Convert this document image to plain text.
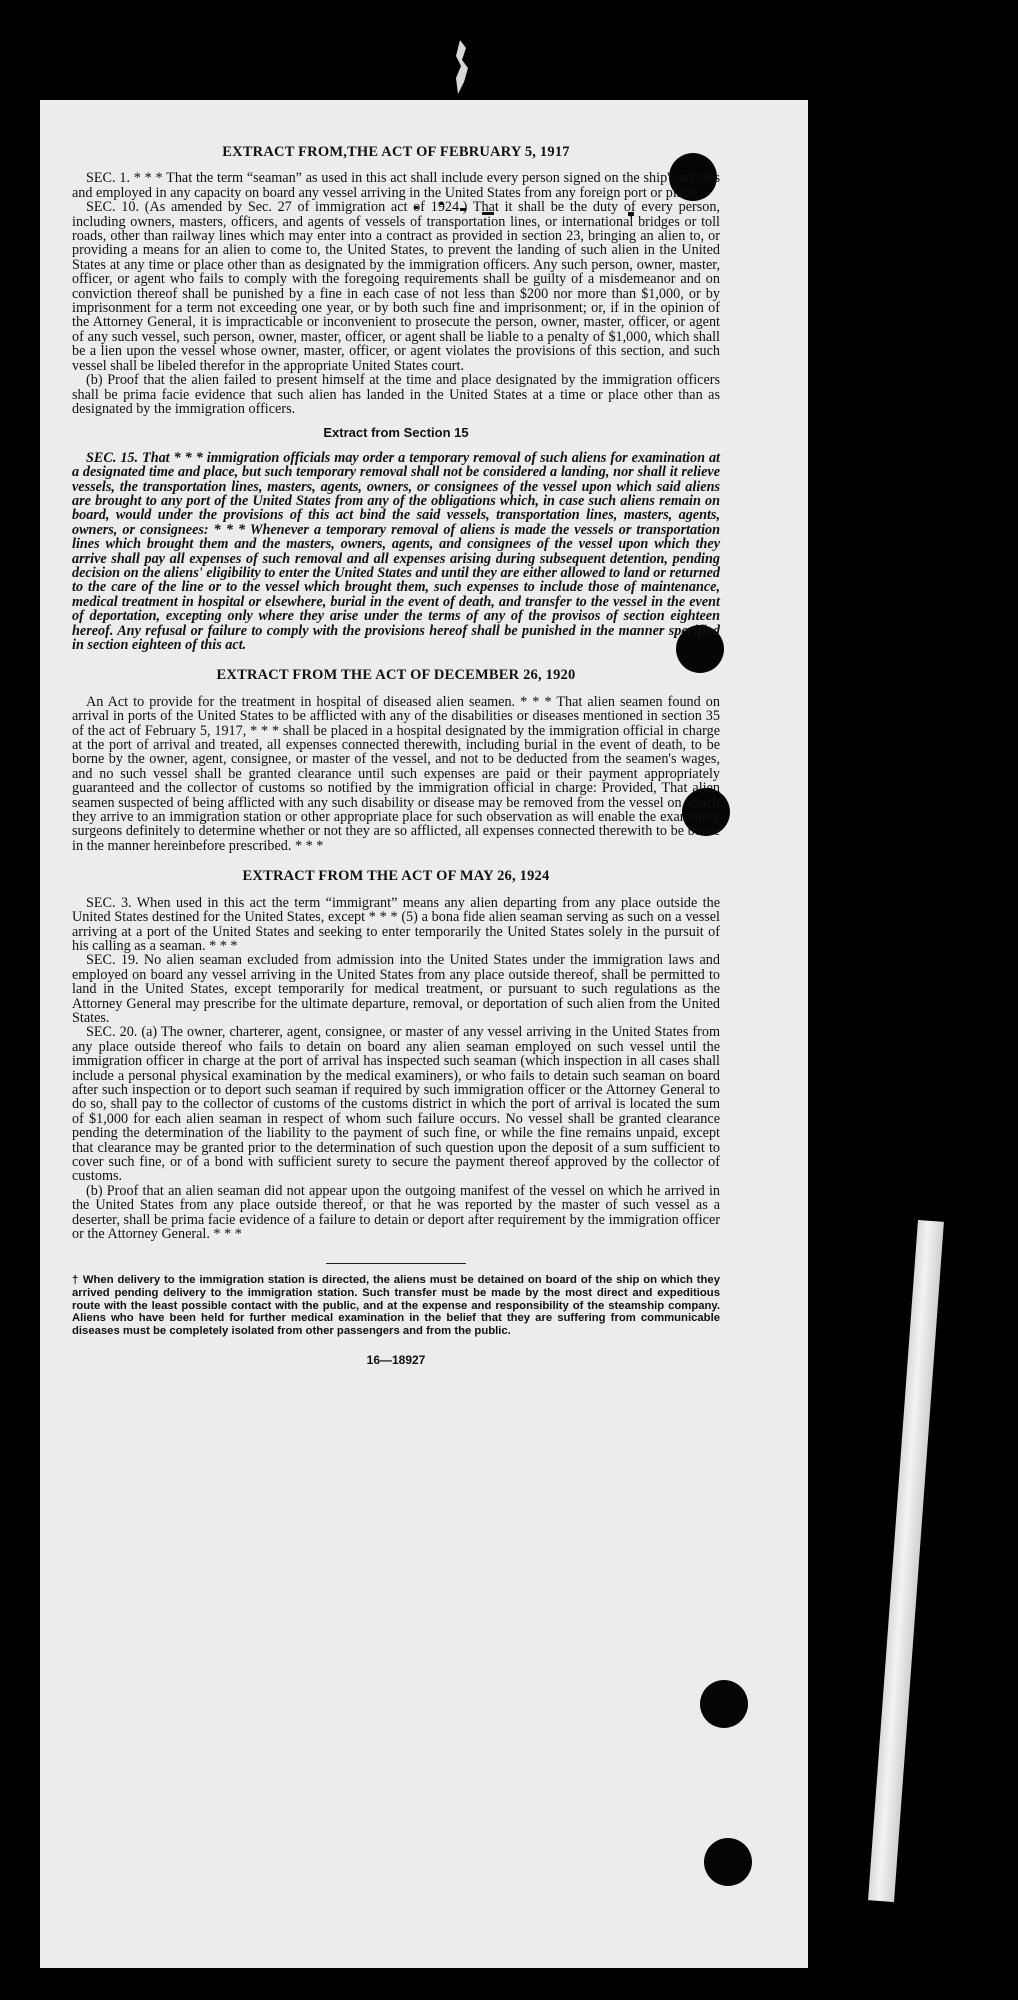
EXTRACT FROM,THE ACT OF FEBRUARY 5, 1917

SEC. 1. * * * That the term “seaman” as used in this act shall include every person signed on the ship's articles and employed in any capacity on board any vessel arriving in the United States from any foreign port or place.

SEC. 10. (As amended by Sec. 27 of immigration act of 1924.) That it shall be the duty of every person, including owners, masters, officers, and agents of vessels of transportation lines, or international bridges or toll roads, other than railway lines which may enter into a contract as provided in section 23, bringing an alien to, or providing a means for an alien to come to, the United States, to prevent the landing of such alien in the United States at any time or place other than as designated by the immigration officers. Any such person, owner, master, officer, or agent who fails to comply with the foregoing requirements shall be guilty of a misdemeanor and on conviction thereof shall be punished by a fine in each case of not less than $200 nor more than $1,000, or by imprisonment for a term not exceeding one year, or by both such fine and imprisonment; or, if in the opinion of the Attorney General, it is impracticable or inconvenient to prosecute the person, owner, master, officer, or agent of any such vessel, such person, owner, master, officer, or agent shall be liable to a penalty of $1,000, which shall be a lien upon the vessel whose owner, master, officer, or agent violates the provisions of this section, and such vessel shall be libeled therefor in the appropriate United States court.

(b) Proof that the alien failed to present himself at the time and place designated by the immigration officers shall be prima facie evidence that such alien has landed in the United States at a time or place other than as designated by the immigration officers.

Extract from Section 15

SEC. 15. That * * * immigration officials may order a temporary removal of such aliens for examination at a designated time and place, but such temporary removal shall not be considered a landing, nor shall it relieve vessels, the transportation lines, masters, agents, owners, or consignees of the vessel upon which said aliens are brought to any port of the United States from any of the obligations which, in case such aliens remain on board, would under the provisions of this act bind the said vessels, transportation lines, masters, agents, owners, or consignees: * * * Whenever a temporary removal of aliens is made the vessels or transportation lines which brought them and the masters, owners, agents, and consignees of the vessel upon which they arrive shall pay all expenses of such removal and all expenses arising during subsequent detention, pending decision on the aliens' eligibility to enter the United States and until they are either allowed to land or returned to the care of the line or to the vessel which brought them, such expenses to include those of maintenance, medical treatment in hospital or elsewhere, burial in the event of death, and transfer to the vessel in the event of deportation, excepting only where they arise under the terms of any of the provisos of section eighteen hereof. Any refusal or failure to comply with the provisions hereof shall be punished in the manner specified in section eighteen of this act.

EXTRACT FROM THE ACT OF DECEMBER 26, 1920

An Act to provide for the treatment in hospital of diseased alien seamen. * * * That alien seamen found on arrival in ports of the United States to be afflicted with any of the disabilities or diseases mentioned in section 35 of the act of February 5, 1917, * * * shall be placed in a hospital designated by the immigration official in charge at the port of arrival and treated, all expenses connected therewith, including burial in the event of death, to be borne by the owner, agent, consignee, or master of the vessel, and not to be deducted from the seamen's wages, and no such vessel shall be granted clearance until such expenses are paid or their payment appropriately guaranteed and the collector of customs so notified by the immigration official in charge: Provided, That alien seamen suspected of being afflicted with any such disability or disease may be removed from the vessel on which they arrive to an immigration station or other appropriate place for such observation as will enable the examining surgeons definitely to determine whether or not they are so afflicted, all expenses connected therewith to be borne in the manner hereinbefore prescribed. * * *

EXTRACT FROM THE ACT OF MAY 26, 1924

SEC. 3. When used in this act the term “immigrant” means any alien departing from any place outside the United States destined for the United States, except * * * (5) a bona fide alien seaman serving as such on a vessel arriving at a port of the United States and seeking to enter temporarily the United States solely in the pursuit of his calling as a seaman. * * *

SEC. 19. No alien seaman excluded from admission into the United States under the immigration laws and employed on board any vessel arriving in the United States from any place outside thereof, shall be permitted to land in the United States, except temporarily for medical treatment, or pursuant to such regulations as the Attorney General may prescribe for the ultimate departure, removal, or deportation of such alien from the United States.

SEC. 20. (a) The owner, charterer, agent, consignee, or master of any vessel arriving in the United States from any place outside thereof who fails to detain on board any alien seaman employed on such vessel until the immigration officer in charge at the port of arrival has inspected such seaman (which inspection in all cases shall include a personal physical examination by the medical examiners), or who fails to detain such seaman on board after such inspection or to deport such seaman if required by such immigration officer or the Attorney General to do so, shall pay to the collector of customs of the customs district in which the port of arrival is located the sum of $1,000 for each alien seaman in respect of whom such failure occurs. No vessel shall be granted clearance pending the determination of the liability to the payment of such fine, or while the fine remains unpaid, except that clearance may be granted prior to the determination of such question upon the deposit of a sum sufficient to cover such fine, or of a bond with sufficient surety to secure the payment thereof approved by the collector of customs.

(b) Proof that an alien seaman did not appear upon the outgoing manifest of the vessel on which he arrived in the United States from any place outside thereof, or that he was reported by the master of such vessel as a deserter, shall be prima facie evidence of a failure to detain or deport after requirement by the immigration officer or the Attorney General. * * *

† When delivery to the immigration station is directed, the aliens must be detained on board of the ship on which they arrived pending delivery to the immigration station. Such transfer must be made by the most direct and expeditious route with the least possible contact with the public, and at the expense and responsibility of the steamship company. Aliens who have been held for further medical examination in the belief that they are suffering from communicable diseases must be completely isolated from other passengers and from the public.
16—18927
